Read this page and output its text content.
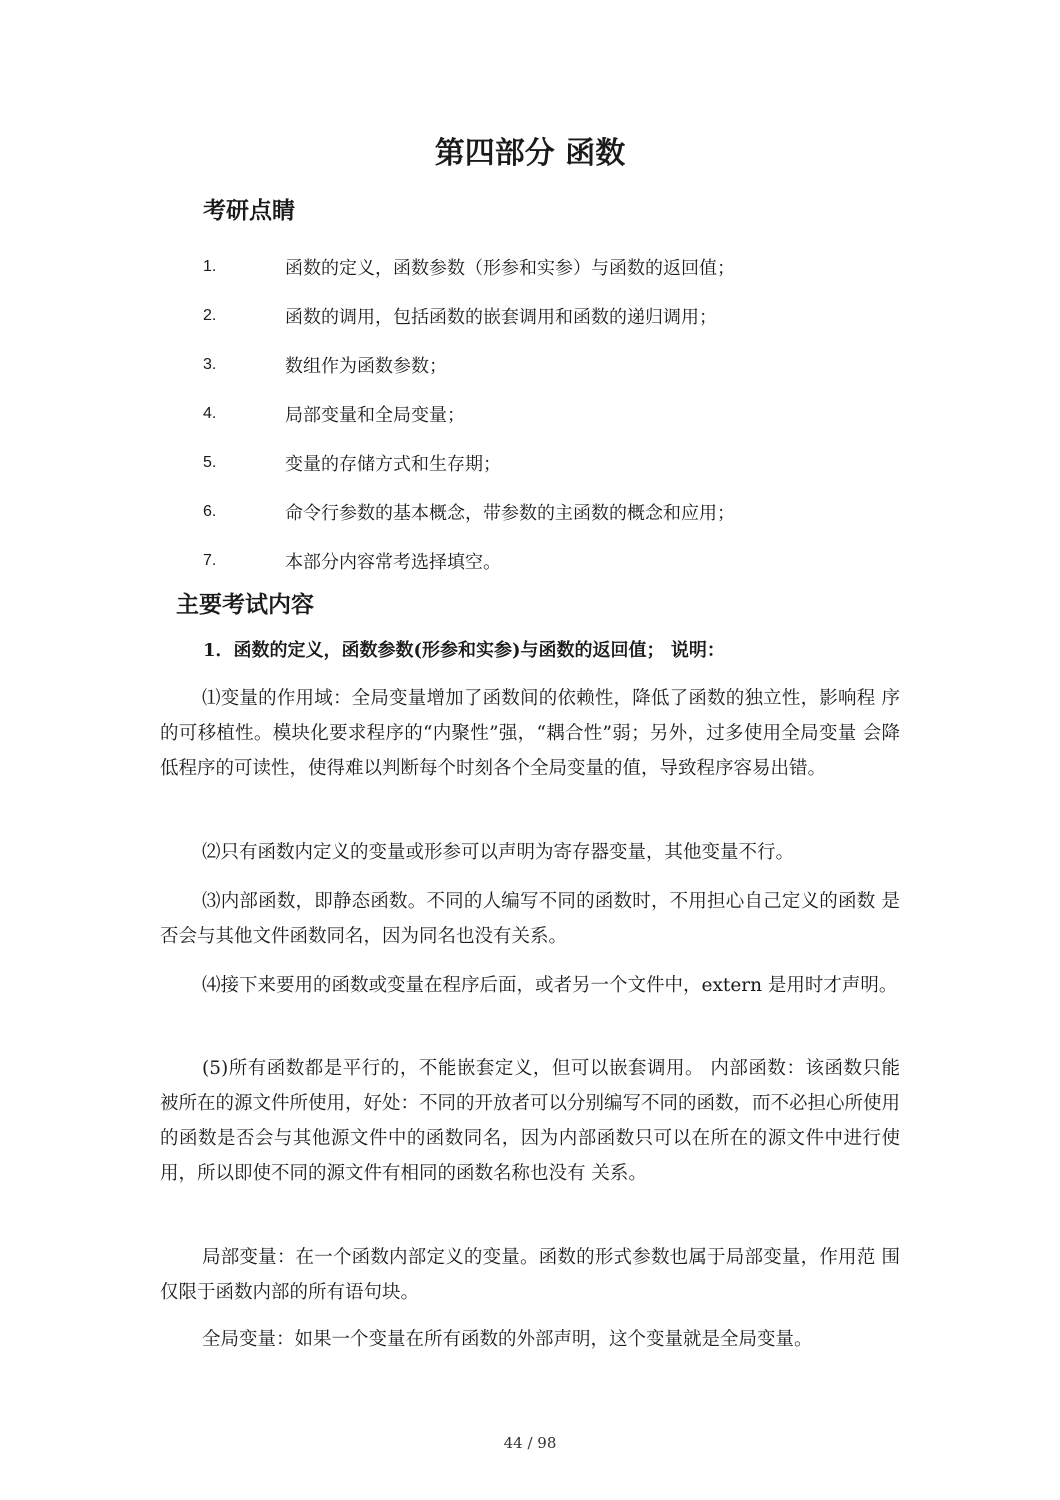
第四部分 函数
考研点睛
1.	函数的定义，函数参数（形参和实参）与函数的返回值；
2.	函数的调用，包括函数的嵌套调用和函数的递归调用；
3.	数组作为函数参数；
4.	局部变量和全局变量；
5.	变量的存储方式和生存期；
6.	命令行参数的基本概念，带参数的主函数的概念和应用；
7.	本部分内容常考选择填空。
主要考试内容

1．函数的定义，函数参数(形参和实参)与函数的返回值； 说明：

⑴变量的作用域：全局变量增加了函数间的依赖性，降低了函数的独立性，影响程 序的可移植性。模块化要求程序的“内聚性”强，“耦合性”弱；另外，过多使用全局变量 会降低程序的可读性，使得难以判断每个时刻各个全局变量的值，导致程序容易出错。

⑵只有函数内定义的变量或形参可以声明为寄存器变量，其他变量不行。

⑶内部函数，即静态函数。不同的人编写不同的函数时，不用担心自己定义的函数 是否会与其他文件函数同名，因为同名也没有关系。

⑷接下来要用的函数或变量在程序后面，或者另一个文件中，extern 是用时才声明。

(5)所有函数都是平行的，不能嵌套定义，但可以嵌套调用。 内部函数：该函数只能被所在的源文件所使用，好处：不同的开放者可以分别编写不同的函数，而不必担心所使用的函数是否会与其他源文件中的函数同名，因为内部函数只可以在所在的源文件中进行使用，所以即使不同的源文件有相同的函数名称也没有 关系。

局部变量：在一个函数内部定义的变量。函数的形式参数也属于局部变量，作用范 围仅限于函数内部的所有语句块。

全局变量：如果一个变量在所有函数的外部声明，这个变量就是全局变量。

44 / 98
